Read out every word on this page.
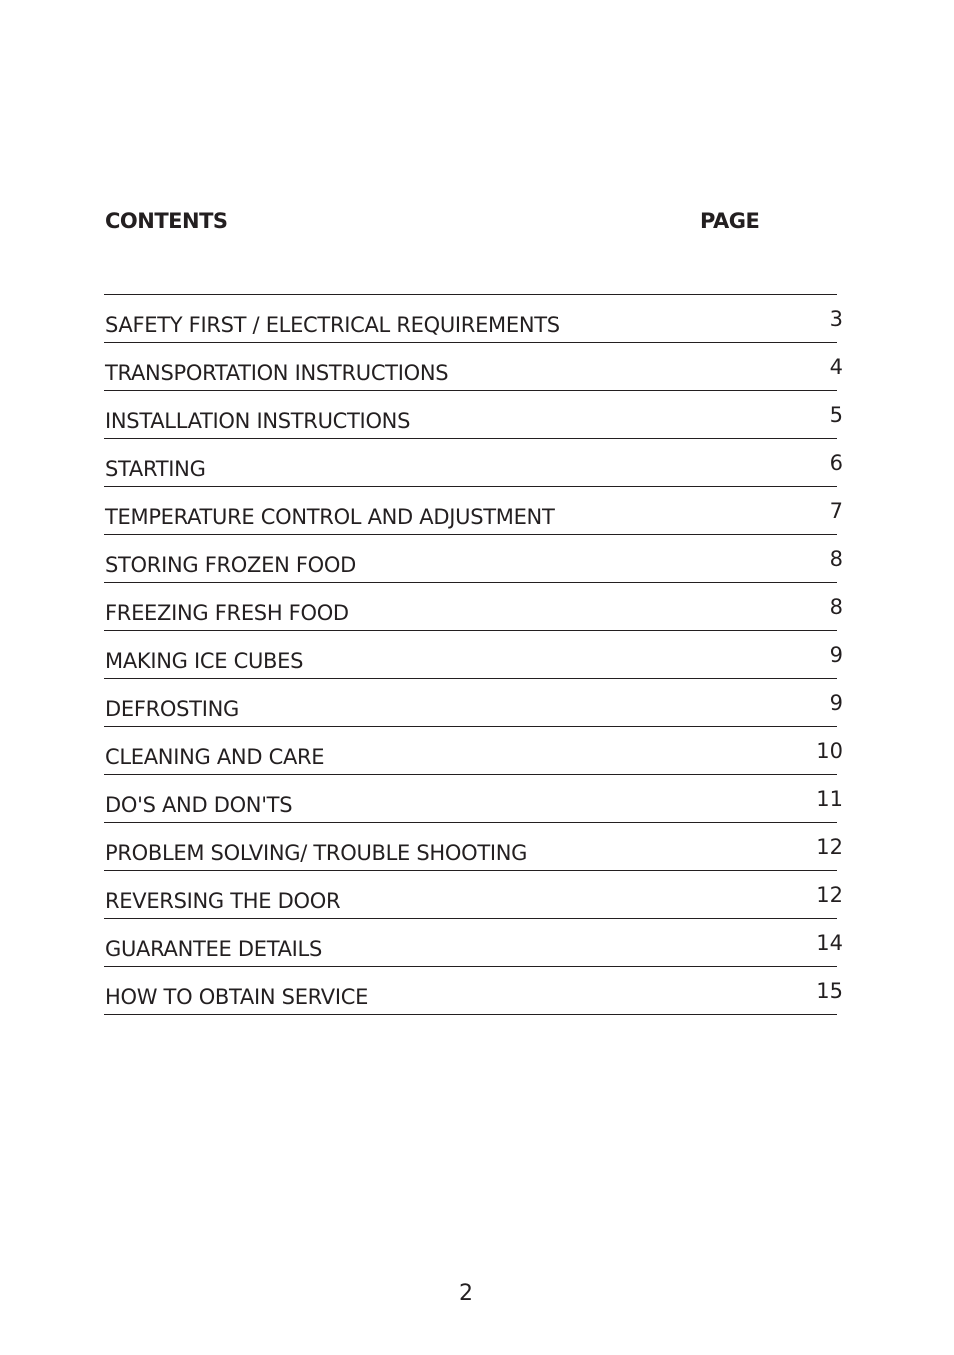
CONTENTS	PAGE
SAFETY FIRST / ELECTRICAL REQUIREMENTS	3
TRANSPORTATION INSTRUCTIONS	4
INSTALLATION INSTRUCTIONS	5
STARTING	6
TEMPERATURE CONTROL AND ADJUSTMENT	7
STORING FROZEN FOOD	8
FREEZING FRESH FOOD	8
MAKING ICE CUBES	9
DEFROSTING	9
CLEANING AND CARE	10
DO'S AND DON'TS	11
PROBLEM SOLVING/ TROUBLE SHOOTING	12
REVERSING THE DOOR	12
GUARANTEE DETAILS	14
HOW TO OBTAIN SERVICE	15
2
